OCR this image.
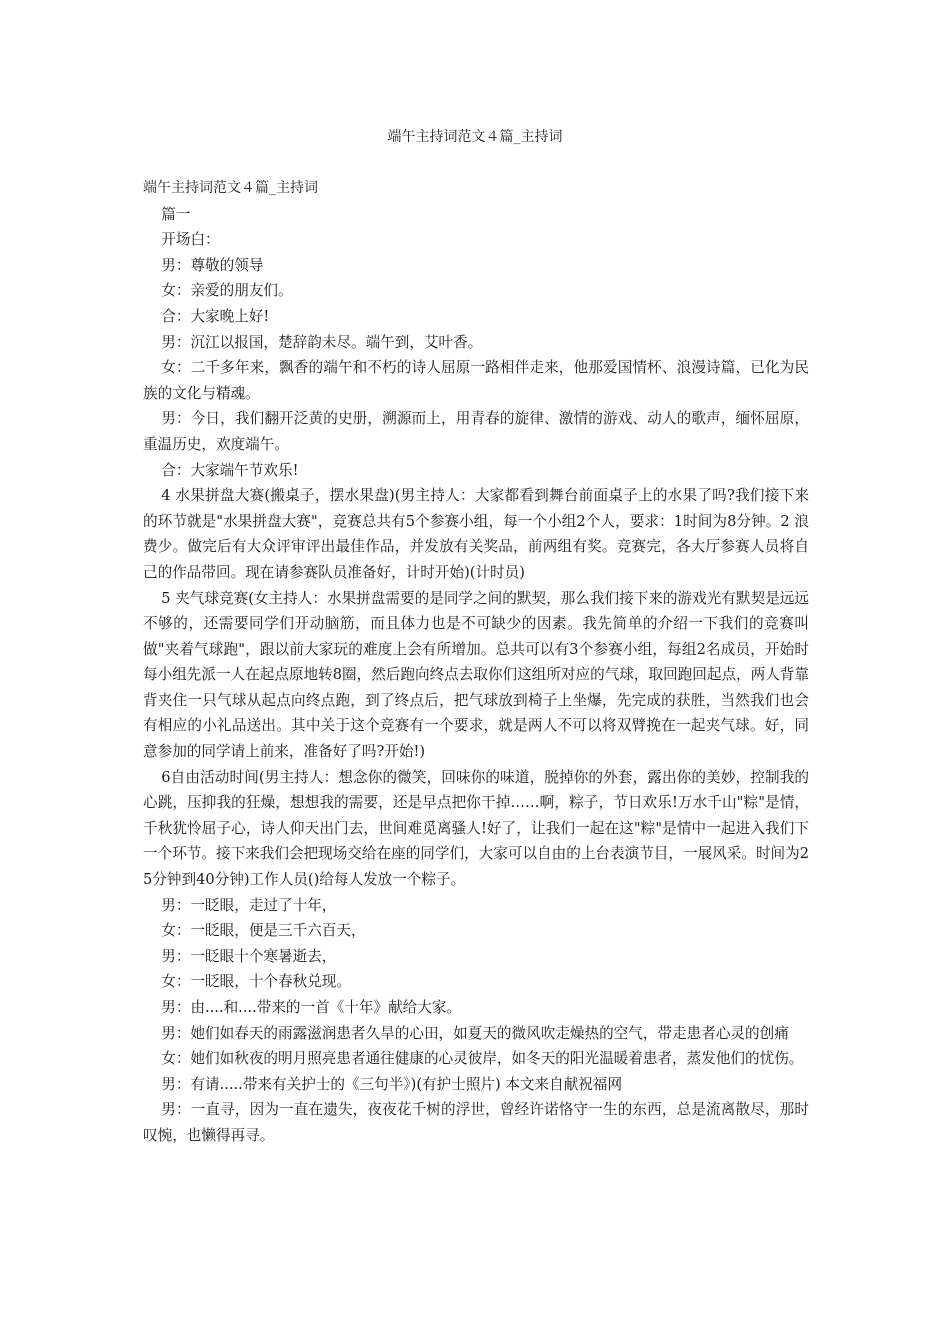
端午主持词范文４篇_主持词

端午主持词范文４篇_主持词

篇一

开场白：

男：尊敬的领导

女：亲爱的朋友们。

合：大家晚上好!

男：沉江以报国，楚辞韵未尽。端午到，艾叶香。

女：二千多年来，飘香的端午和不朽的诗人屈原一路相伴走来，他那爱国情杯、浪漫诗篇，已化为民族的文化与精魂。

男：今日，我们翻开泛黄的史册，溯源而上，用青春的旋律、激情的游戏、动人的歌声，缅怀屈原，重温历史，欢度端午。

合：大家端午节欢乐!

4 水果拼盘大赛(搬桌子，摆水果盘)(男主持人：大家都看到舞台前面桌子上的水果了吗?我们接下来的环节就是"水果拼盘大赛"，竞赛总共有5个参赛小组，每一个小组2个人，要求：1时间为8分钟。2 浪费少。做完后有大众评审评出最佳作品，并发放有关奖品，前两组有奖。竞赛完，各大厅参赛人员将自己的作品带回。现在请参赛队员准备好，计时开始)(计时员)

5 夹气球竞赛(女主持人：水果拼盘需要的是同学之间的默契，那么我们接下来的游戏光有默契是远远不够的，还需要同学们开动脑筋，而且体力也是不可缺少的因素。我先简单的介绍一下我们的竞赛叫做"夹着气球跑"，跟以前大家玩的难度上会有所增加。总共可以有3个参赛小组，每组2名成员，开始时每小组先派一人在起点原地转8圈，然后跑向终点去取你们这组所对应的气球，取回跑回起点，两人背靠背夹住一只气球从起点向终点跑，到了终点后，把气球放到椅子上坐爆，先完成的获胜，当然我们也会有相应的小礼品送出。其中关于这个竞赛有一个要求，就是两人不可以将双臂挽在一起夹气球。好，同意参加的同学请上前来，准备好了吗?开始!)

6自由活动时间(男主持人：想念你的微笑，回味你的味道，脱掉你的外套，露出你的美妙，控制我的心跳，压抑我的狂燥，想想我的需要，还是早点把你干掉……啊，粽子，节日欢乐!万水千山"粽"是情，千秋犹怜屈子心，诗人仰天出门去，世间难觅离骚人!好了，让我们一起在这"粽"是情中一起进入我们下一个环节。接下来我们会把现场交给在座的同学们，大家可以自由的上台表演节目，一展风采。时间为25分钟到40分钟)工作人员()给每人发放一个粽子。

男：一眨眼，走过了十年，

女：一眨眼，便是三千六百天，

男：一眨眼十个寒暑逝去，

女：一眨眼，十个春秋兑现。

男：由....和....带来的一首《十年》献给大家。

男：她们如春天的雨露滋润患者久旱的心田，如夏天的微风吹走燥热的空气，带走患者心灵的创痛

女：她们如秋夜的明月照亮患者通往健康的心灵彼岸，如冬天的阳光温暖着患者，蒸发他们的忧伤。

男：有请.....带来有关护士的《三句半》)(有护士照片) 本文来自献祝福网

男：一直寻，因为一直在遗失，夜夜花千树的浮世，曾经许诺恪守一生的东西，总是流离散尽，那时叹惋，也懒得再寻。
